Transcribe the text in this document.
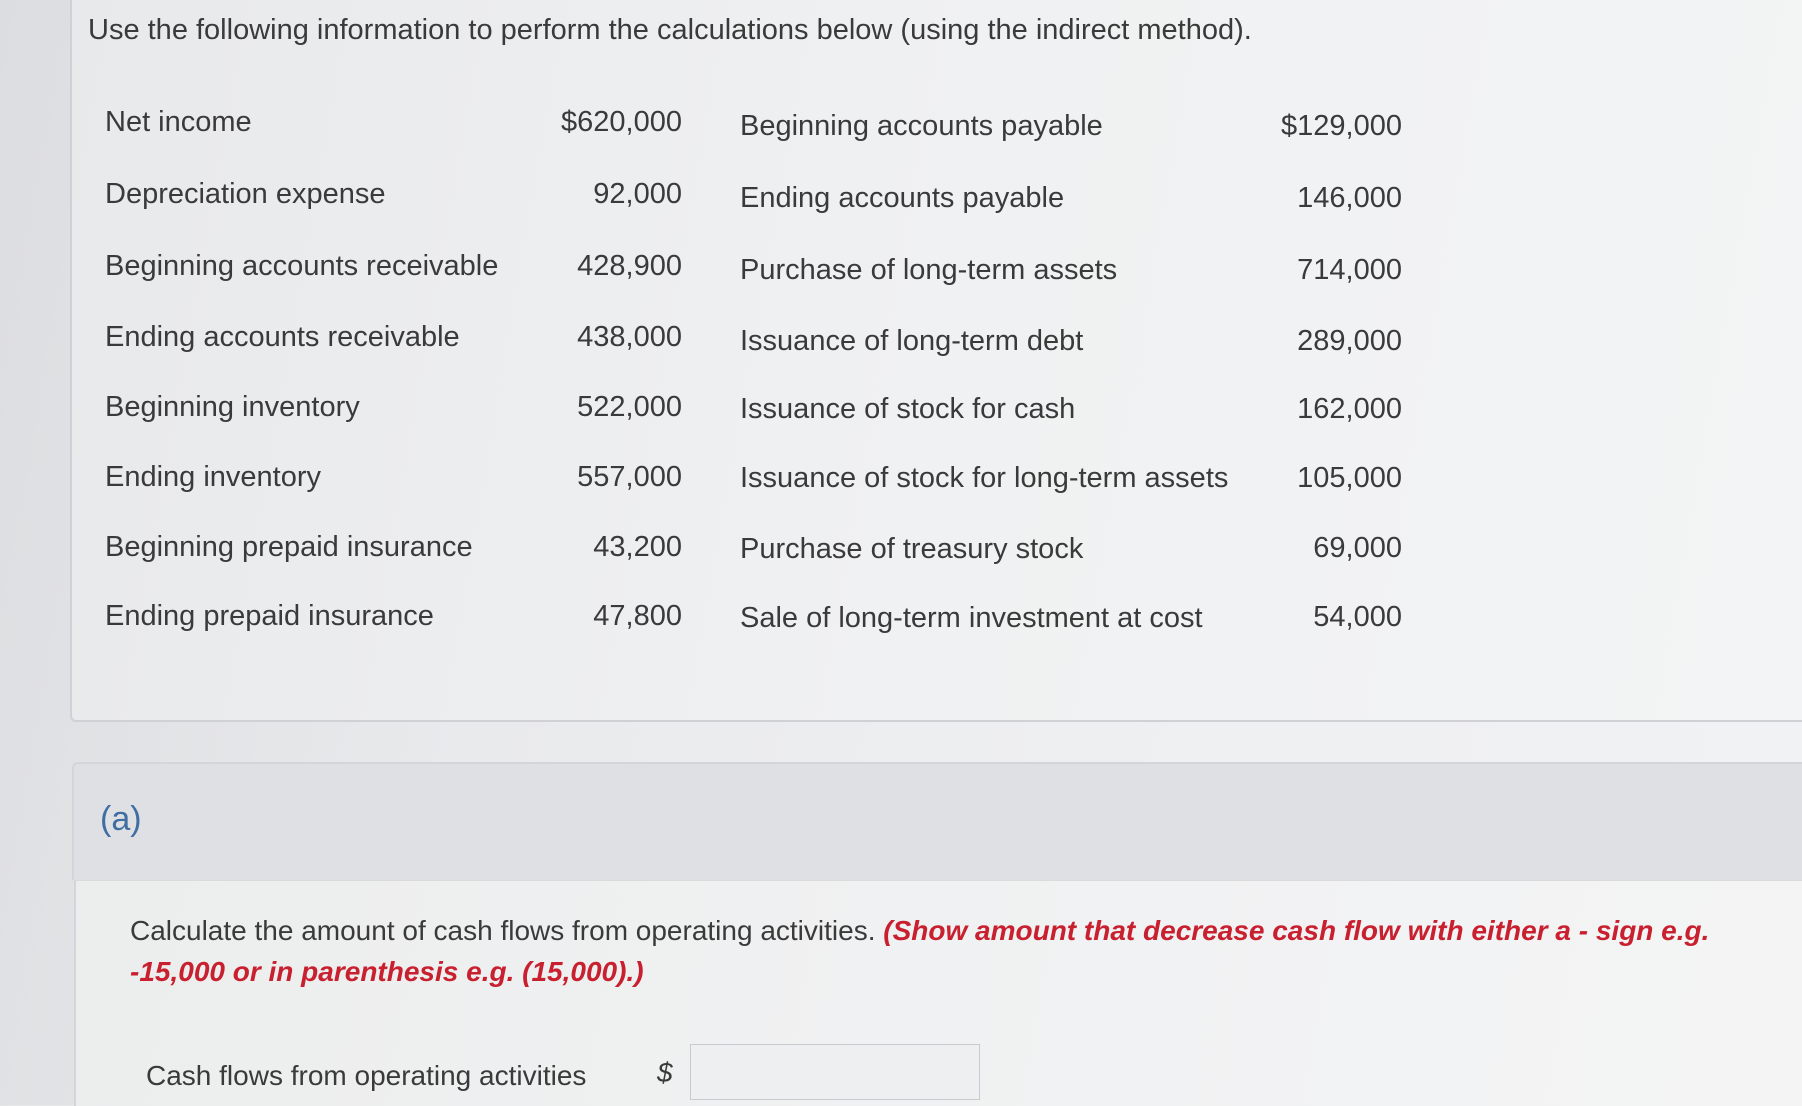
Use the following information to perform the calculations below (using the indirect method).
Net income	$620,000 Beginning accounts payable	$129,000
Depreciation expense	92,000 Ending accounts payable	146,000
Beginning accounts receivable	428,900 Purchase of long-term assets	714,000
Ending accounts receivable	438,000 Issuance of long-term debt	289,000
Beginning inventory	522,000 Issuance of stock for cash	162,000
Ending inventory	557,000 Issuance of stock for long-term assets	105,000
Beginning prepaid insurance	43,200 Purchase of treasury stock	69,000
Ending prepaid insurance	47,800 Sale of long-term investment at cost	54,000
(a)
Calculate the amount of cash flows from operating activities. (Show amount that decrease cash flow with either a - sign e.g. -15,000 or in parenthesis e.g. (15,000).)
Cash flows from operating activities	$
